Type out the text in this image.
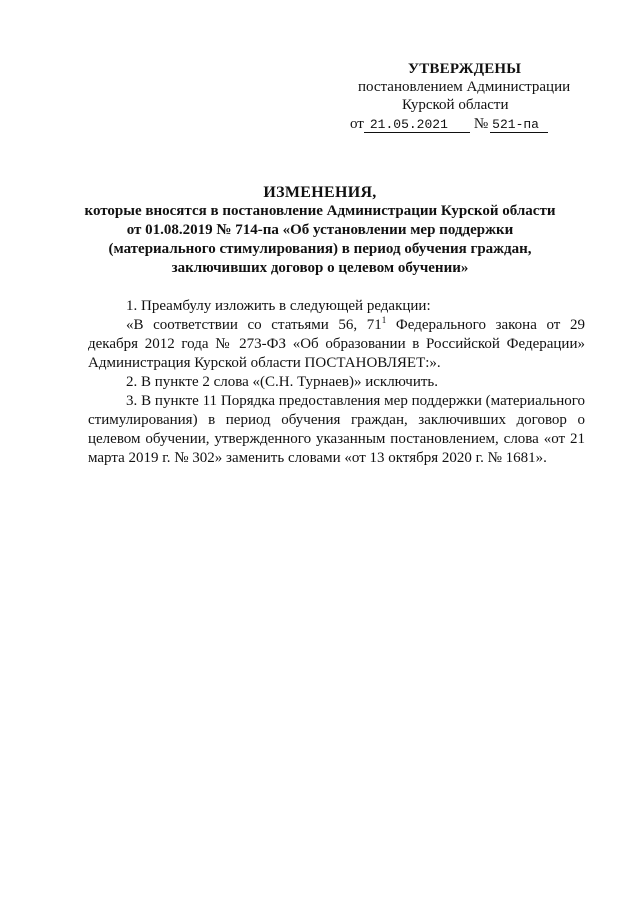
УТВЕРЖДЕНЫ
постановлением Администрации
Курской области
от 21.05.2021	№ 521-па
ИЗМЕНЕНИЯ,
которые вносятся в постановление Администрации Курской области
от 01.08.2019 № 714-па «Об установлении мер поддержки
(материального стимулирования) в период обучения граждан,
заключивших договор о целевом обучении»

1. Преамбулу изложить в следующей редакции:

«В соответствии со статьями 56, $71^1$ Федерального закона от 29 декабря 2012 года № 273-ФЗ «Об образовании в Российской Федерации» Администрация Курской области ПОСТАНОВЛЯЕТ:».

2. В пункте 2 слова «(С.Н. Турнаев)» исключить.

3. В пункте 11 Порядка предоставления мер поддержки (материального стимулирования) в период обучения граждан, заключивших договор о целевом обучении, утвержденного указанным постановлением, слова «от 21 марта 2019 г. № 302» заменить словами «от 13 октября 2020 г. № 1681».
